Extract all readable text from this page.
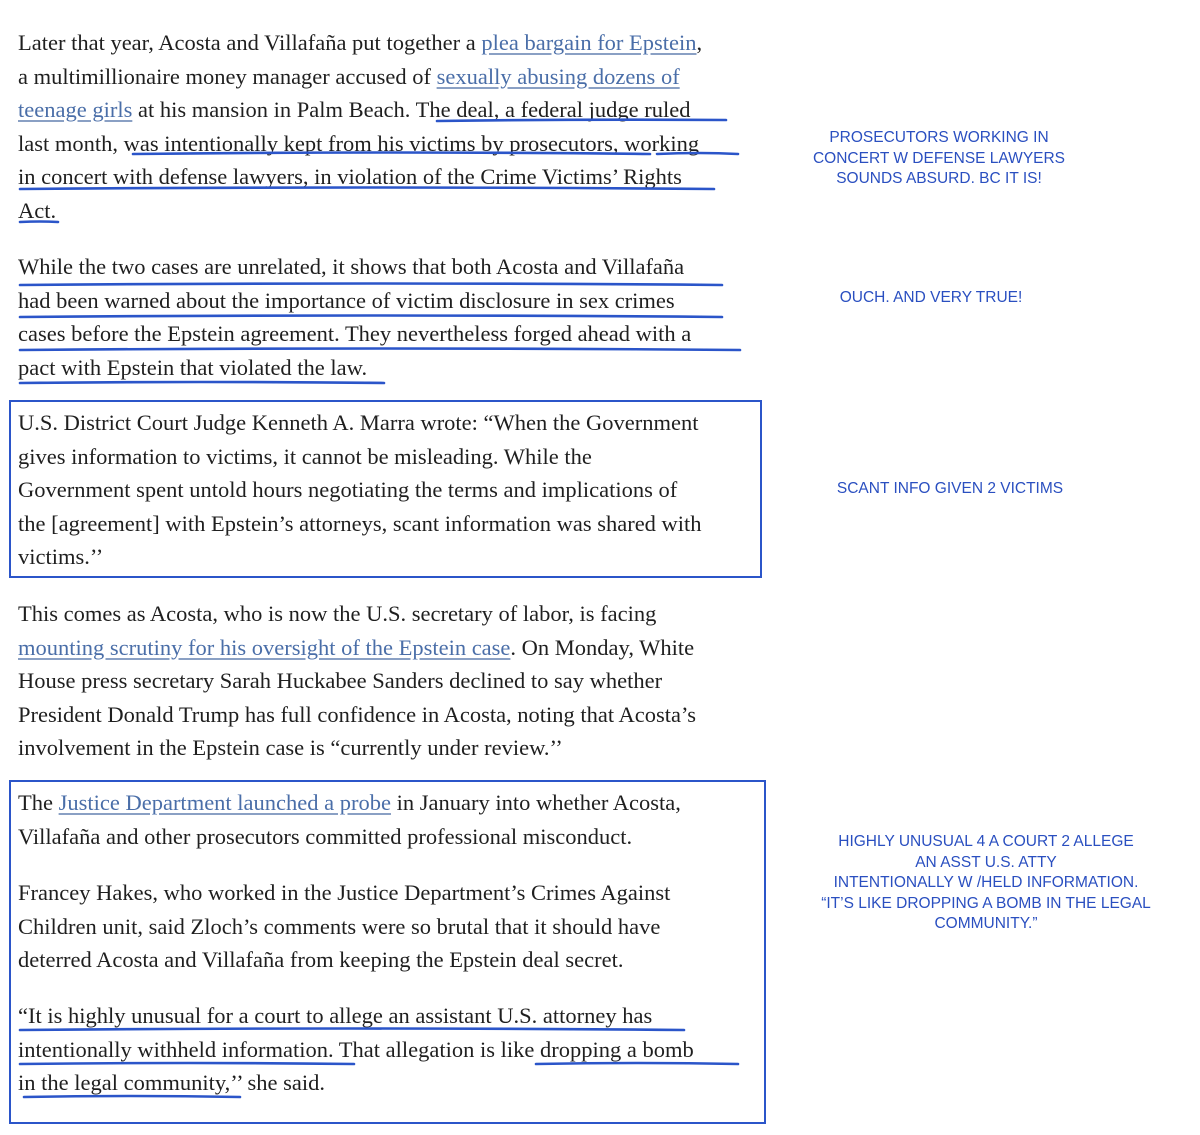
Later that year, Acosta and Villafaña put together a plea bargain for Epstein,
a multimillionaire money manager accused of sexually abusing dozens of
teenage girls at his mansion in Palm Beach. The deal, a federal judge ruled
last month, was intentionally kept from his victims by prosecutors, working
in concert with defense lawyers, in violation of the Crime Victims’ Rights
Act.

While the two cases are unrelated, it shows that both Acosta and Villafaña
had been warned about the importance of victim disclosure in sex crimes
cases before the Epstein agreement. They nevertheless forged ahead with a
pact with Epstein that violated the law.

U.S. District Court Judge Kenneth A. Marra wrote: “When the Government
gives information to victims, it cannot be misleading. While the
Government spent untold hours negotiating the terms and implications of
the [agreement] with Epstein’s attorneys, scant information was shared with
victims.’’

This comes as Acosta, who is now the U.S. secretary of labor, is facing
mounting scrutiny for his oversight of the Epstein case. On Monday, White
House press secretary Sarah Huckabee Sanders declined to say whether
President Donald Trump has full confidence in Acosta, noting that Acosta’s
involvement in the Epstein case is “currently under review.’’

The Justice Department launched a probe in January into whether Acosta,
Villafaña and other prosecutors committed professional misconduct.

Francey Hakes, who worked in the Justice Department’s Crimes Against
Children unit, said Zloch’s comments were so brutal that it should have
deterred Acosta and Villafaña from keeping the Epstein deal secret.

“It is highly unusual for a court to allege an assistant U.S. attorney has
intentionally withheld information. That allegation is like dropping a bomb
in the legal community,’’ she said.

PROSECUTORS WORKING IN
CONCERT W DEFENSE LAWYERS
SOUNDS ABSURD. BC IT IS!
OUCH. AND VERY TRUE!
SCANT INFO GIVEN 2 VICTIMS
HIGHLY UNUSUAL 4 A COURT 2 ALLEGE
AN ASST U.S. ATTY
INTENTIONALLY W /HELD INFORMATION.
“IT’S LIKE DROPPING A BOMB IN THE LEGAL
COMMUNITY.”
